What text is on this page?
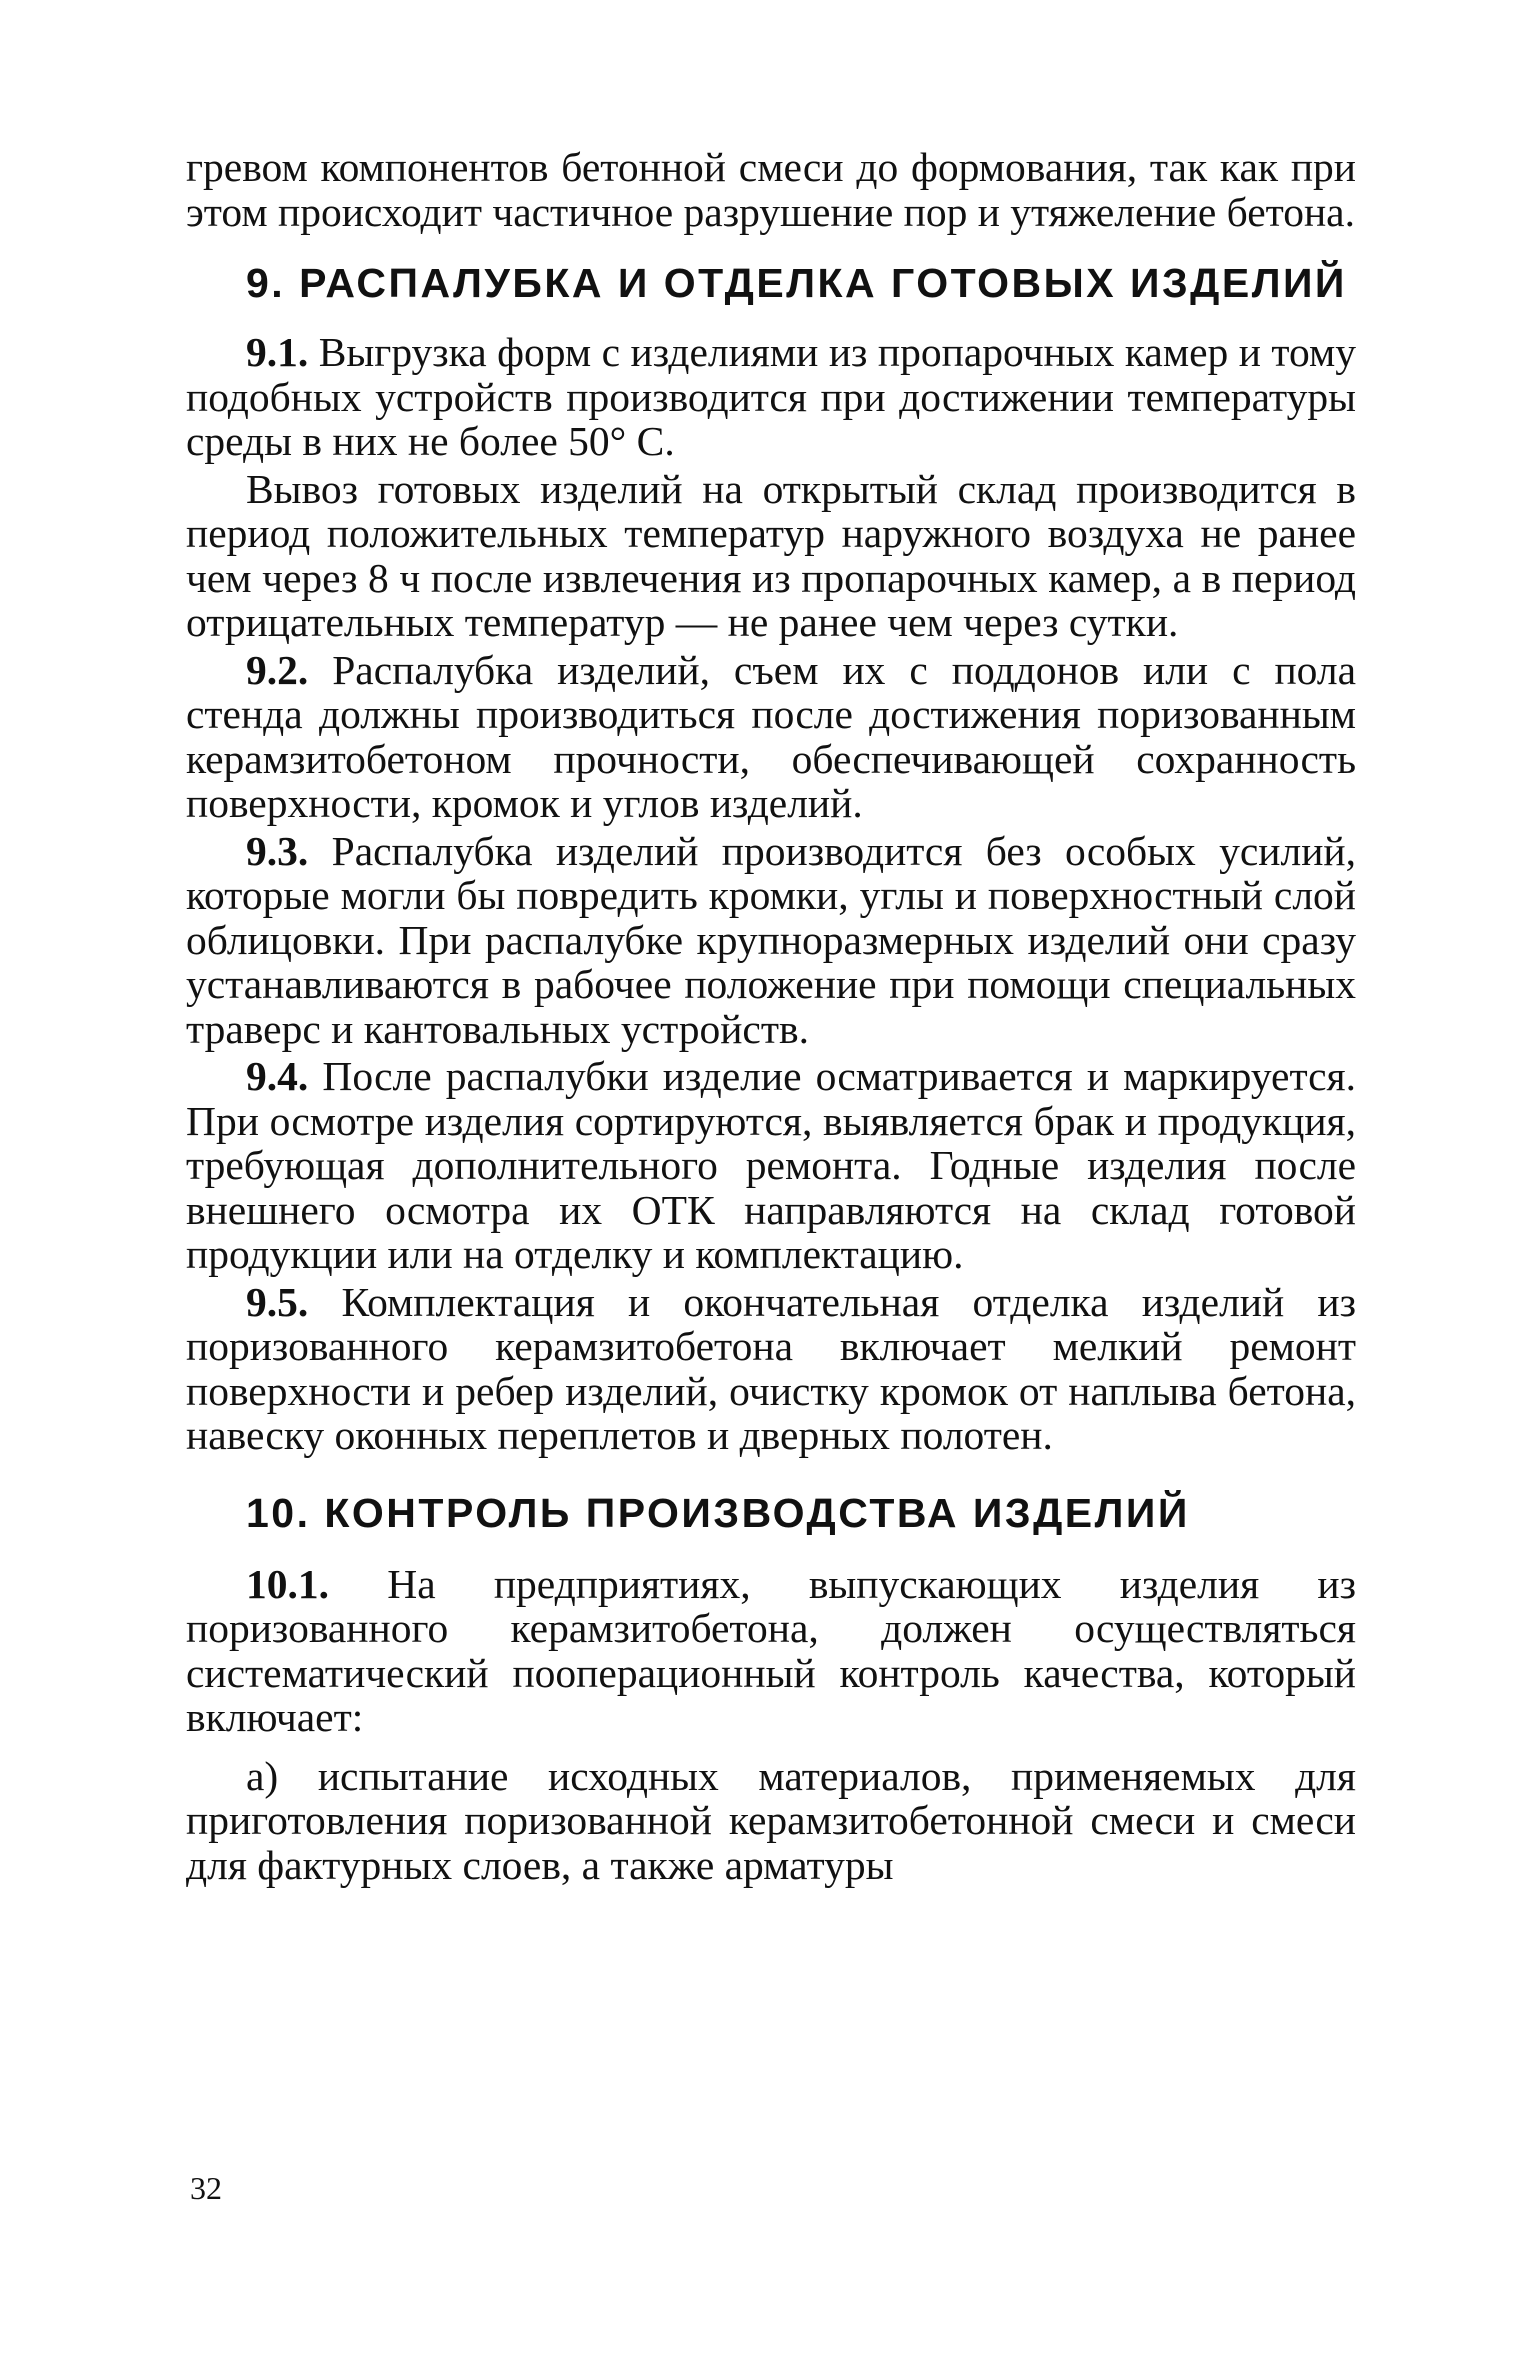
гревом компонентов бетонной смеси до формования, так как при этом происходит частичное разрушение пор и утяжеление бетона.

9. РАСПАЛУБКА И ОТДЕЛКА ГОТОВЫХ ИЗДЕЛИЙ

9.1. Выгрузка форм с изделиями из пропарочных камер и тому подобных устройств производится при достижении температуры среды в них не более 50° С.

Вывоз готовых изделий на открытый склад производится в период положительных температур наружного воздуха не ранее чем через 8 ч после извлечения из пропарочных камер, а в период отрицательных температур — не ранее чем через сутки.

9.2. Распалубка изделий, съем их с поддонов или с пола стенда должны производиться после достижения поризованным керамзитобетоном прочности, обеспечивающей сохранность поверхности, кромок и углов изделий.

9.3. Распалубка изделий производится без особых усилий, которые могли бы повредить кромки, углы и поверхностный слой облицовки. При распалубке крупноразмерных изделий они сразу устанавливаются в рабочее положение при помощи специальных траверс и кантовальных устройств.

9.4. После распалубки изделие осматривается и маркируется. При осмотре изделия сортируются, выявляется брак и продукция, требующая дополнительного ремонта. Годные изделия после внешнего осмотра их ОТК направляются на склад готовой продукции или на отделку и комплектацию.

9.5. Комплектация и окончательная отделка изделий из поризованного керамзитобетона включает мелкий ремонт поверхности и ребер изделий, очистку кромок от наплыва бетона, навеску оконных переплетов и дверных полотен.

10. КОНТРОЛЬ ПРОИЗВОДСТВА ИЗДЕЛИЙ

10.1. На предприятиях, выпускающих изделия из поризованного керамзитобетона, должен осуществляться систематический пооперационный контроль качества, который включает:

а) испытание исходных материалов, применяемых для приготовления поризованной керамзитобетонной смеси и смеси для фактурных слоев, а также арматуры

32
